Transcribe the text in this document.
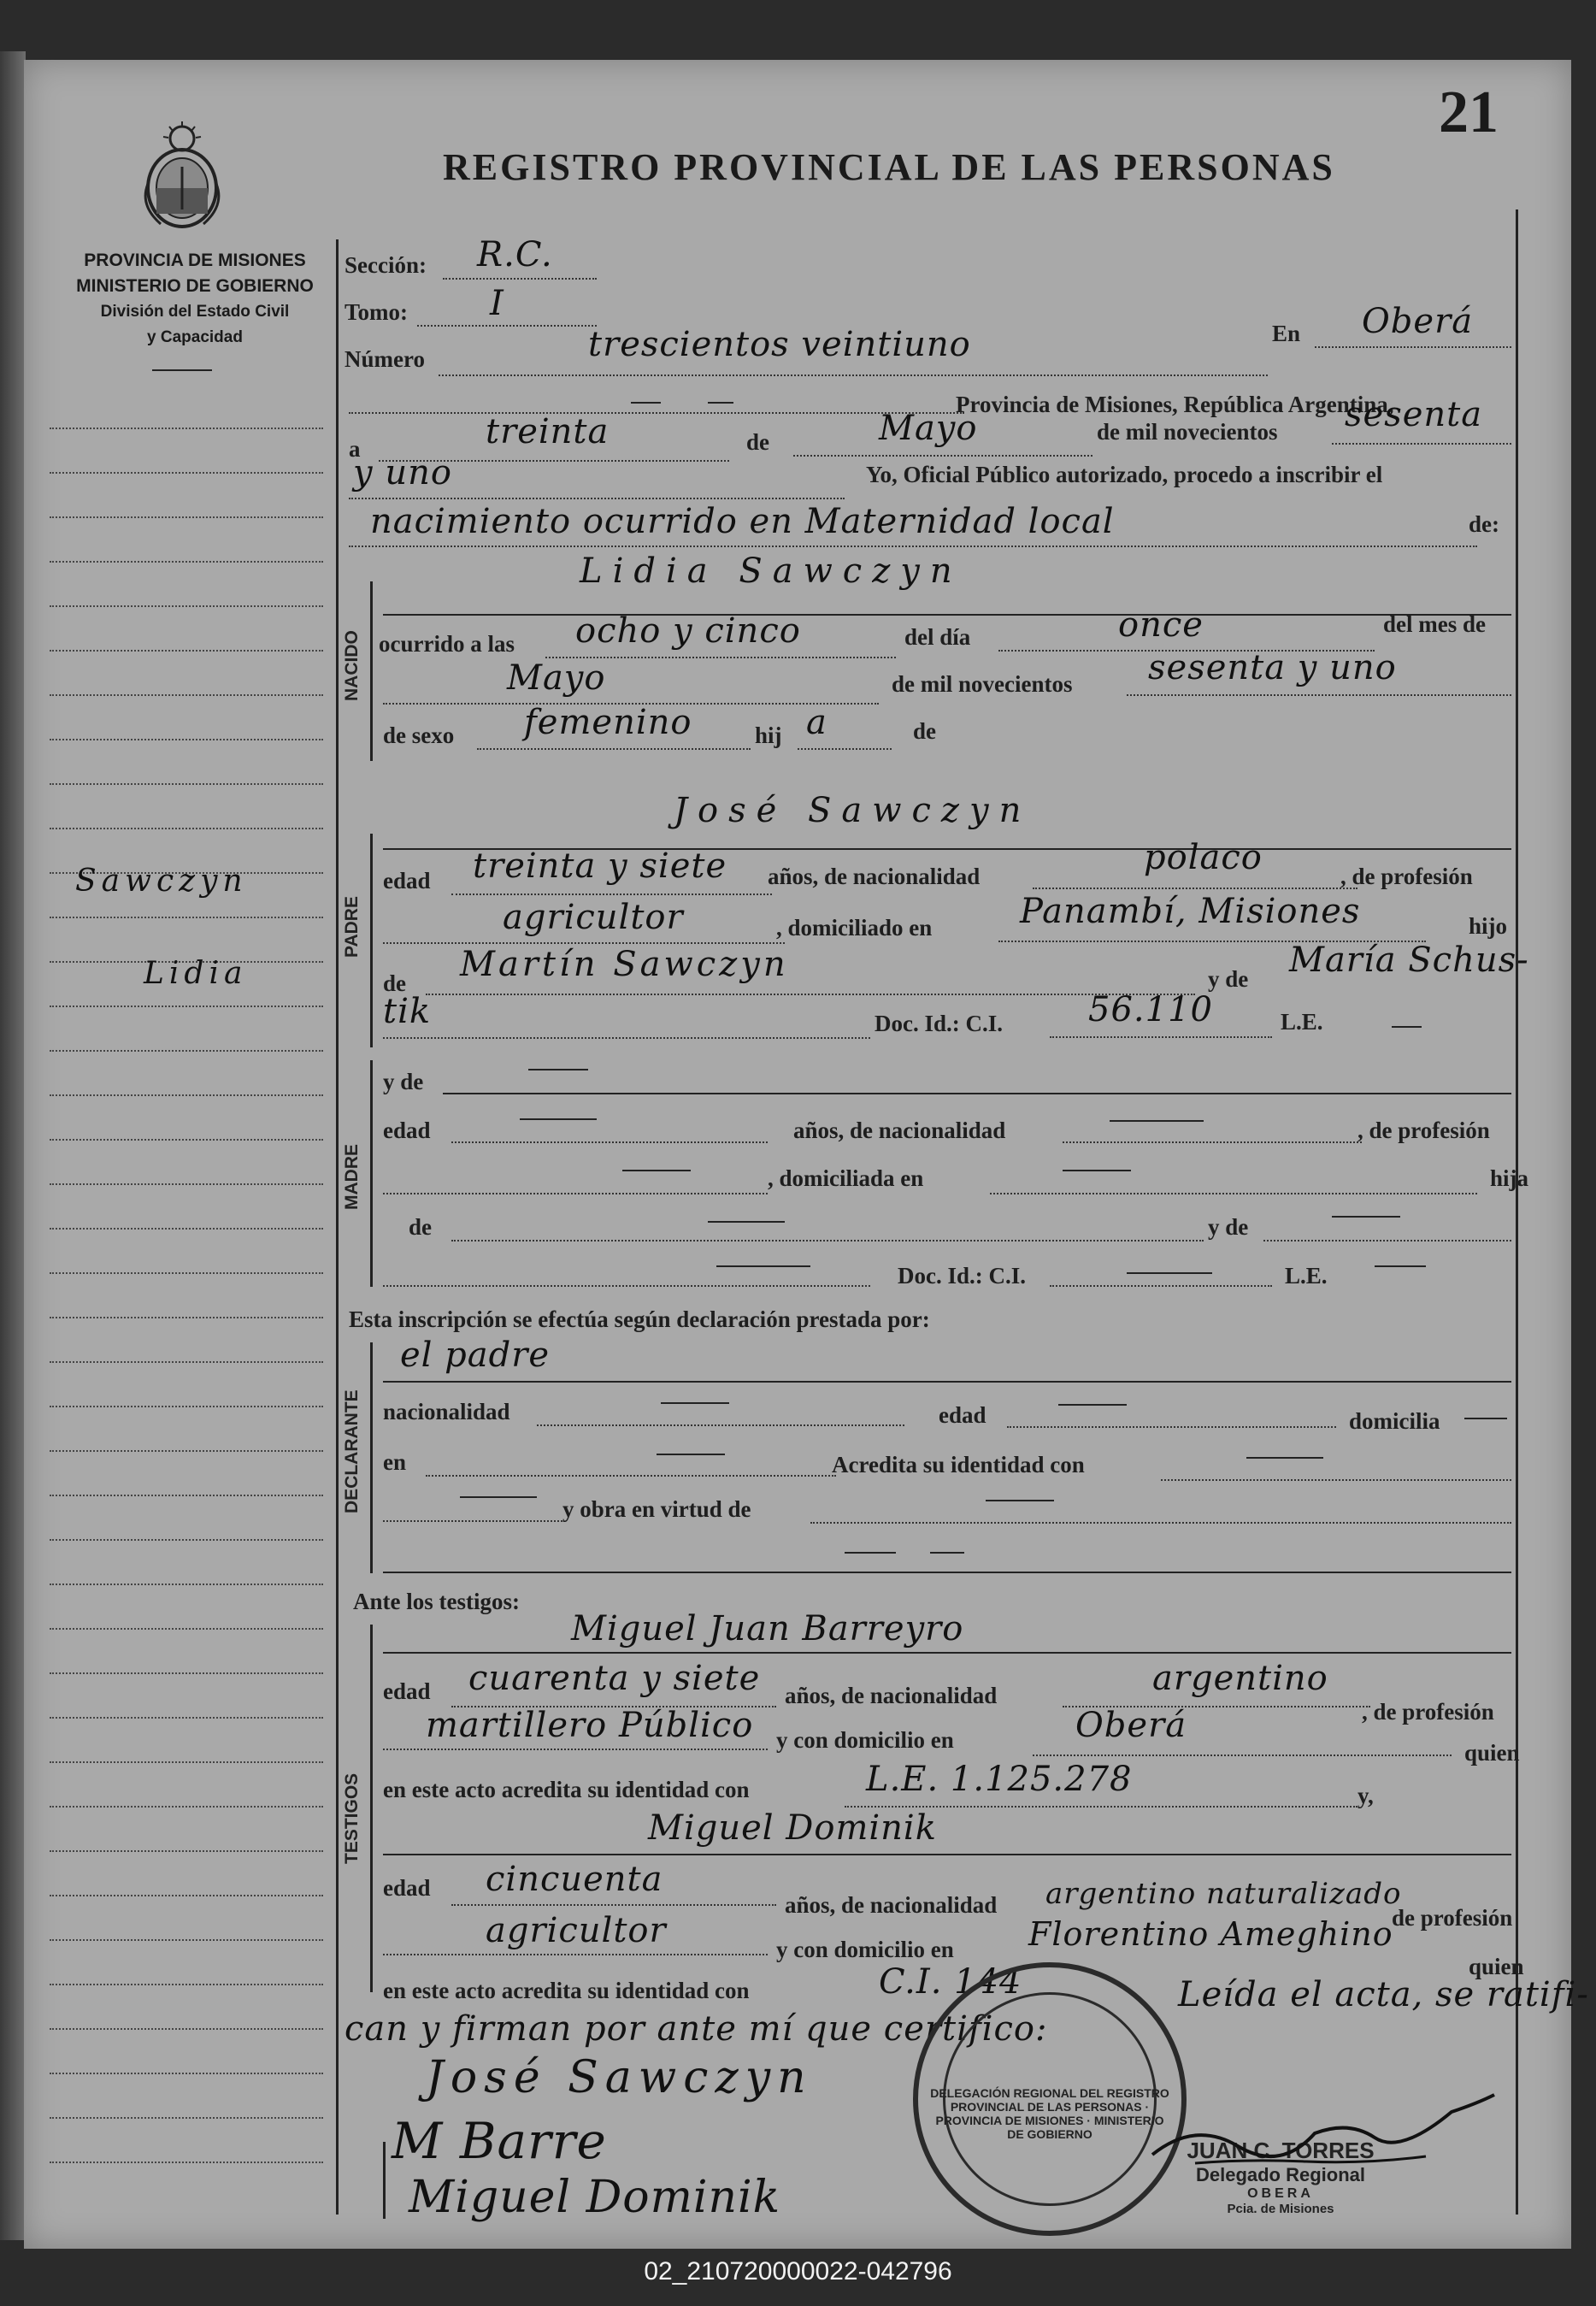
PROVINCIA DE MISIONES
MINISTERIO DE GOBIERNO
División del Estado Civil
y Capacidad
REGISTRO PROVINCIAL DE LAS PERSONAS
21
Sawczyn
Lidia
Sección: R.C.
Tomo: I
Número	trescientos veintiuno	En Oberá
Provincia de Misiones, República Argentina,
a	treinta	de	Mayo	de mil novecientos sesenta
y uno	Yo, Oficial Público autorizado, procedo a inscribir el
nacimiento ocurrido en Maternidad local	de:
NACIDO
Lidia Sawczyn
ocurrido a las ocho y cinco	del día	once	del mes de
Mayo	de mil novecientos sesenta y uno
de sexo femenino	hij a	de
PADRE
José Sawczyn
edad treinta y siete años, de nacionalidad	polaco	, de profesión
agricultor	, domiciliado en	Panambí, Misiones	hijo
de Martín Sawczyn	y de María Schus-
tik	Doc. Id.: C.I. 56.110	L.E.
MADRE
y de
edad	años, de nacionalidad	, de profesión
, domiciliada en	hija
de	y de
Doc. Id.: C.I.	L.E.
Esta inscripción se efectúa según declaración prestada por:
DECLARANTE
el padre
nacionalidad	edad	domicilia
en	Acredita su identidad con
y obra en virtud de
Ante los testigos:
TESTIGOS
Miguel Juan Barreyro
edad cuarenta y siete años, de nacionalidad	argentino
, de profesión
martillero Público y con domicilio en	Oberá
quien
en este acto acredita su identidad con	L.E. 1.125.278	y,
Miguel Dominik
edad cincuenta
años, de nacionalidad argentino naturalizado
de profesión
agricultor	y con domicilio en Florentino Ameghino
quien
en este acto acredita su identidad con	C.I. 144	Leída el acta, se ratifi-
can y firman por ante mí que certifico:
José Sawczyn
M Barre
Miguel Dominik
DELEGACIÓN REGIONAL DEL REGISTRO PROVINCIAL DE LAS PERSONAS · PROVINCIA DE MISIONES · MINISTERIO DE GOBIERNO
JUAN C. TORRES
Delegado Regional
OBERA
Pcia. de Misiones
02_210720000022-042796
